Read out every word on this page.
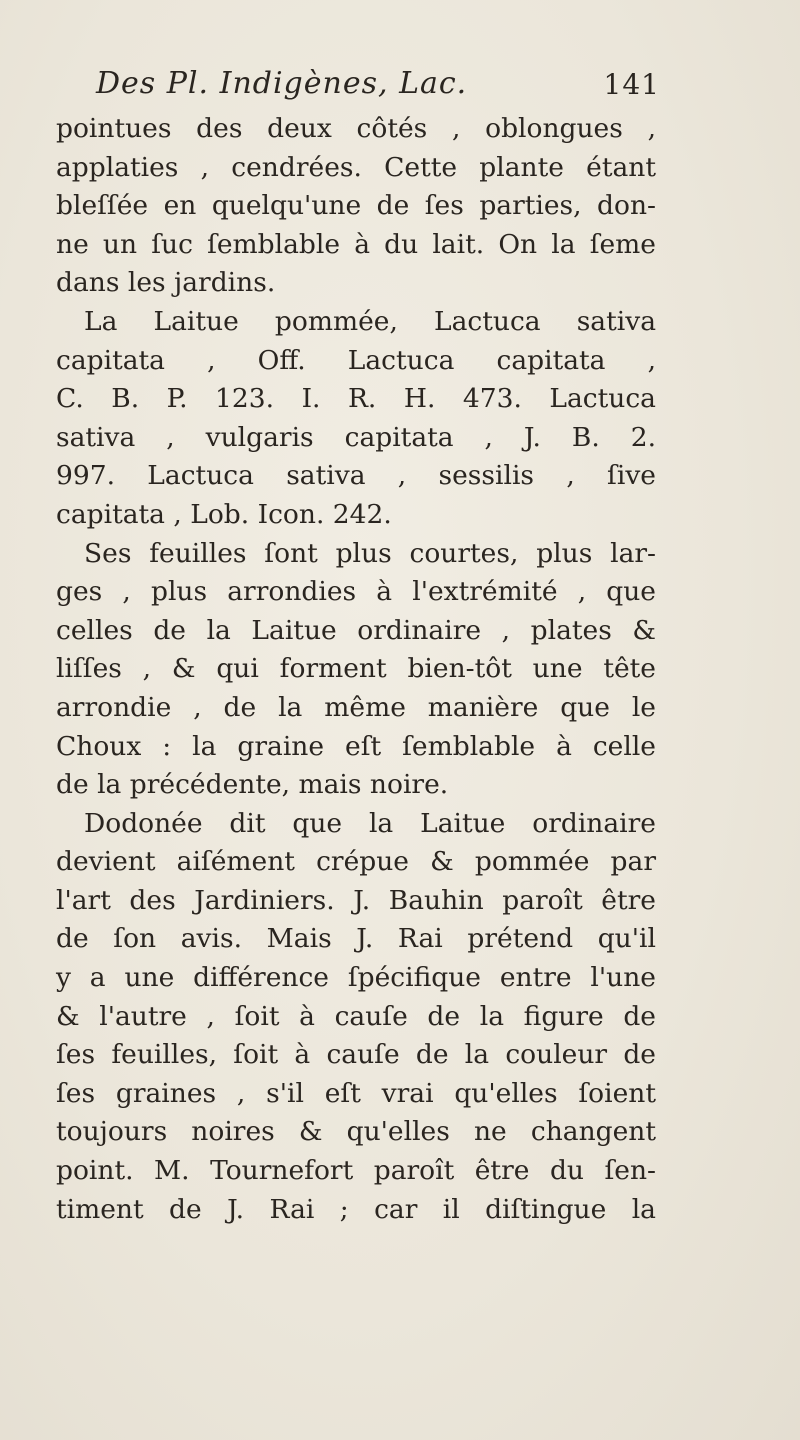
Des Pl. Indigènes, Lac.	141
pointues des deux côtés , oblongues ,
applaties , cendrées. Cette plante étant
bleſſée en quelqu'une de ſes parties, don-
ne un ſuc ſemblable à du lait. On la ſeme
dans les jardins.
La Laitue pommée, Lactuca sativa
capitata , Off. Lactuca capitata ,
C. B. P. 123. I. R. H. 473. Lactuca
sativa , vulgaris capitata , J. B. 2.
997. Lactuca sativa , sessilis , ſive
capitata , Lob. Icon. 242.
Ses feuilles ſont plus courtes, plus lar-
ges , plus arrondies à l'extrémité , que
celles de la Laitue ordinaire , plates &
liſſes , & qui forment bien-tôt une tête
arrondie , de la même manière que le
Choux : la graine eſt ſemblable à celle
de la précédente, mais noire.
Dodonée dit que la Laitue ordinaire
devient aiſément crépue & pommée par
l'art des Jardiniers. J. Bauhin paroît être
de ſon avis. Mais J. Rai prétend qu'il
y a une différence ſpécifique entre l'une
& l'autre , ſoit à cauſe de la figure de
ſes feuilles, ſoit à cauſe de la couleur de
ſes graines , s'il eſt vrai qu'elles ſoient
toujours noires & qu'elles ne changent
point. M. Tournefort paroît être du ſen-
timent de J. Rai ; car il diſtingue la
